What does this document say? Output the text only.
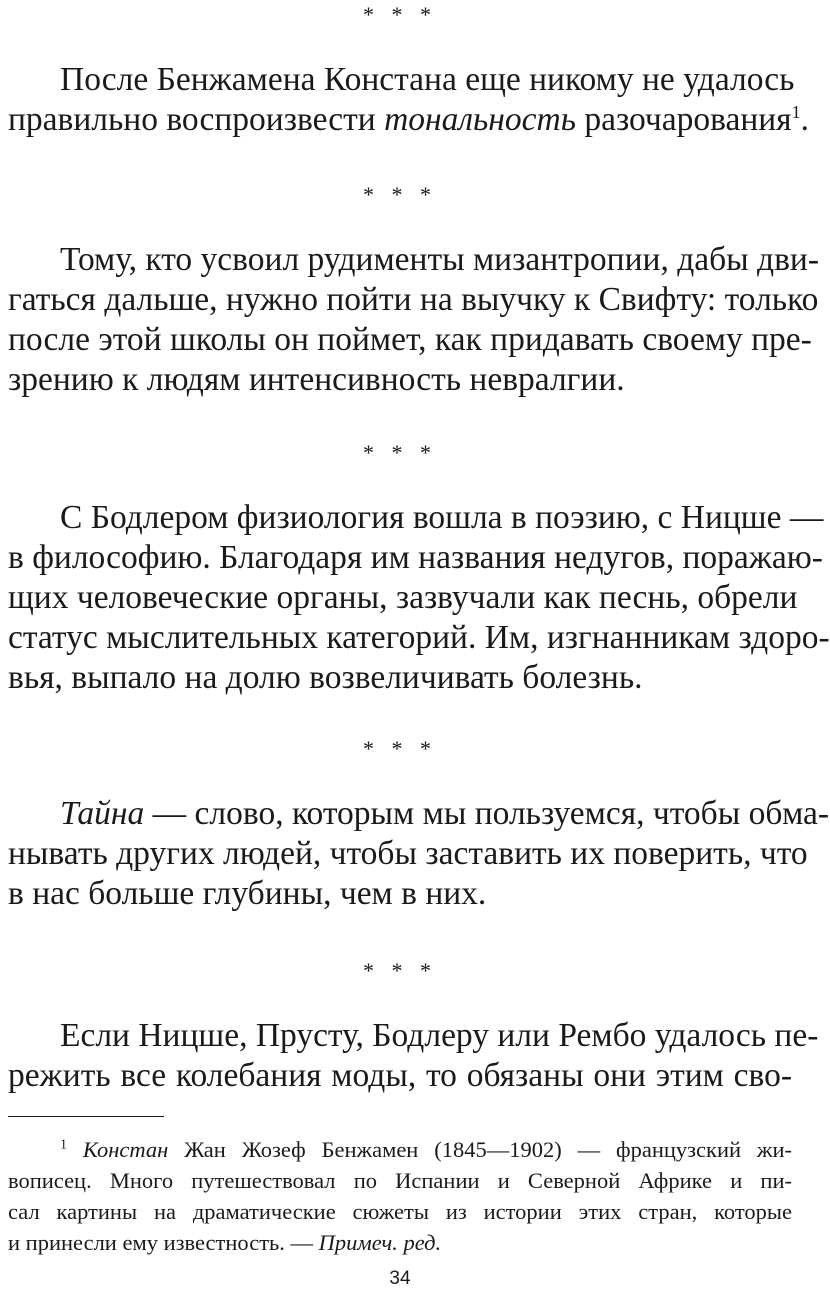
* * *

После Бенжамена Констана еще никому не удалось
правильно воспроизвести тональность разочарования$^1$.

* * *

Тому, кто усвоил рудименты мизантропии, дабы дви-
гаться дальше, нужно пойти на выучку к Свифту: только
после этой школы он поймет, как придавать своему пре-
зрению к людям интенсивность невралгии.

* * *

С Бодлером физиология вошла в поэзию, с Ницше —
в философию. Благодаря им названия недугов, поражаю-
щих человеческие органы, зазвучали как песнь, обрели
статус мыслительных категорий. Им, изгнанникам здоро-
вья, выпало на долю возвеличивать болезнь.

* * *

Тайна — слово, которым мы пользуемся, чтобы обма-
нывать других людей, чтобы заставить их поверить, что
в нас больше глубины, чем в них.

* * *

Если Ницше, Прусту, Бодлеру или Рембо удалось пе-
режить все колебания моды, то обязаны они этим сво-

$^1$ Констан Жан Жозеф Бенжамен (1845—1902) — французский жи-
вописец. Много путешествовал по Испании и Северной Африке и пи-
сал картины на драматические сюжеты из истории этих стран, которые
и принесли ему известность. — Примеч. ред.

34
